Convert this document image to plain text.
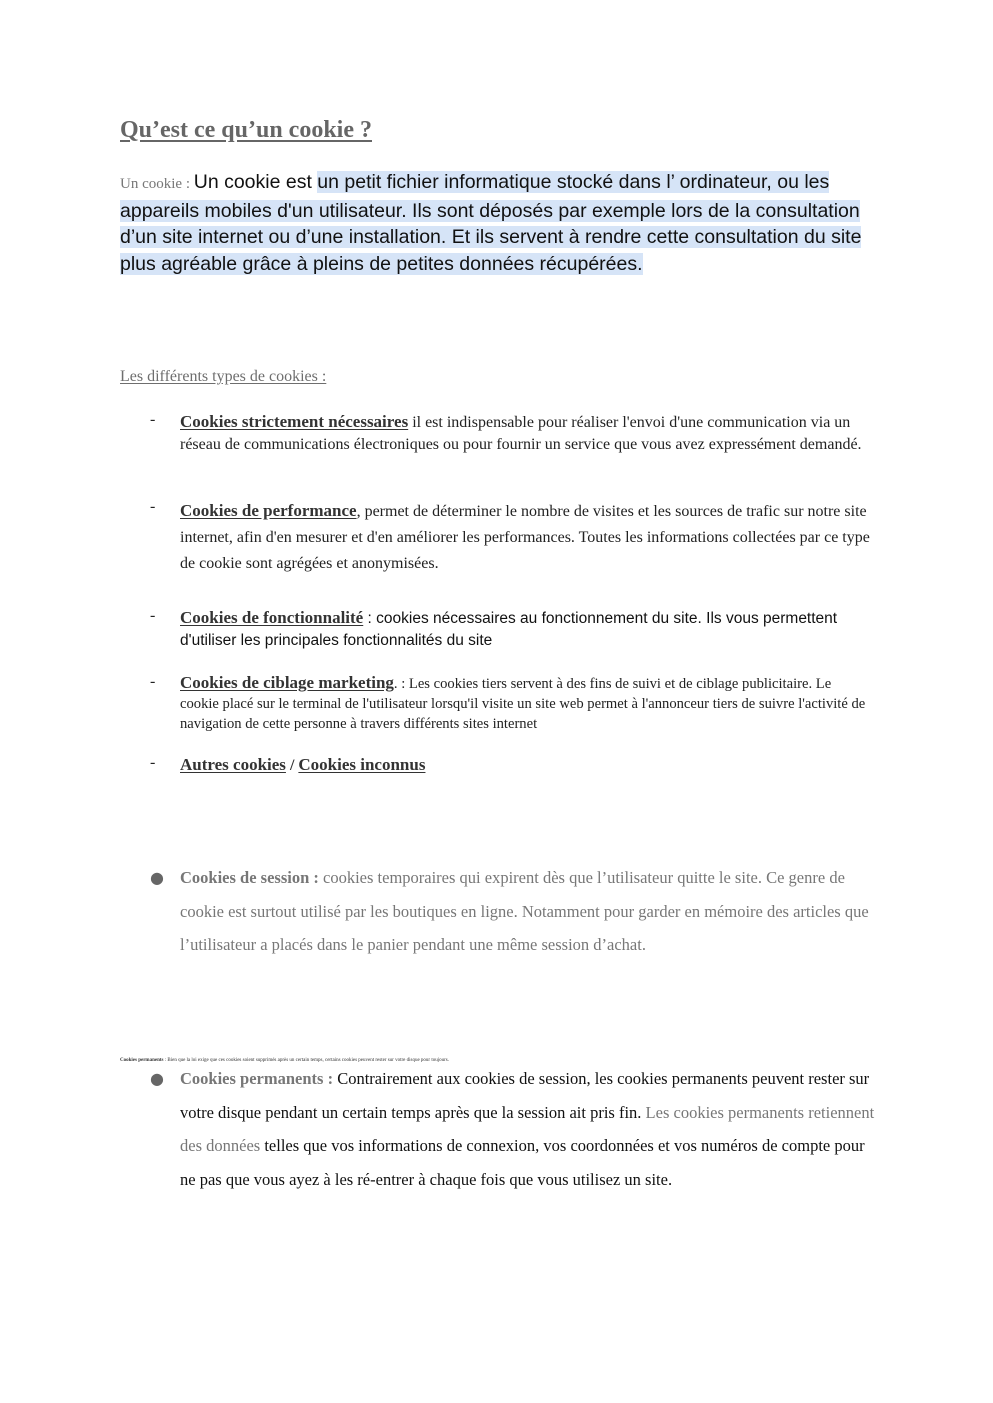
Qu’est ce qu’un cookie ?
Un cookie : Un cookie est un petit fichier informatique stocké dans l’ ordinateur, ou les appareils mobiles d'un utilisateur. Ils sont déposés par exemple lors de la consultation d’un site internet ou d’une installation. Et ils servent à rendre cette consultation du site plus agréable grâce à pleins de petites données récupérées.
Les différents types de cookies :
- Cookies strictement nécessaires il est indispensable pour réaliser l'envoi d'une communication via un réseau de communications électroniques ou pour fournir un service que vous avez expressément demandé.
- Cookies de performance, permet de déterminer le nombre de visites et les sources de trafic sur notre site internet, afin d'en mesurer et d'en améliorer les performances. Toutes les informations collectées par ce type de cookie sont agrégées et anonymisées.
- Cookies de fonctionnalité : cookies nécessaires au fonctionnement du site. Ils vous permettent d'utiliser les principales fonctionnalités du site
- Cookies de ciblage marketing. : Les cookies tiers servent à des fins de suivi et de ciblage publicitaire. Le cookie placé sur le terminal de l'utilisateur lorsqu'il visite un site web permet à l'annonceur tiers de suivre l'activité de navigation de cette personne à travers différents sites internet
- Autres cookies / Cookies inconnus
● Cookies de session : cookies temporaires qui expirent dès que l’utilisateur quitte le site. Ce genre de cookie est surtout utilisé par les boutiques en ligne. Notamment pour garder en mémoire des articles que l’utilisateur a placés dans le panier pendant une même session d’achat.
Cookies permanents : Bien que la loi exige que ces cookies soient supprimés après un certain temps, certains cookies peuvent rester sur votre disque pour toujours.
● Cookies permanents : Contrairement aux cookies de session, les cookies permanents peuvent rester sur votre disque pendant un certain temps après que la session ait pris fin. Les cookies permanents retiennent des données telles que vos informations de connexion, vos coordonnées et vos numéros de compte pour ne pas que vous ayez à les ré-entrer à chaque fois que vous utilisez un site.
